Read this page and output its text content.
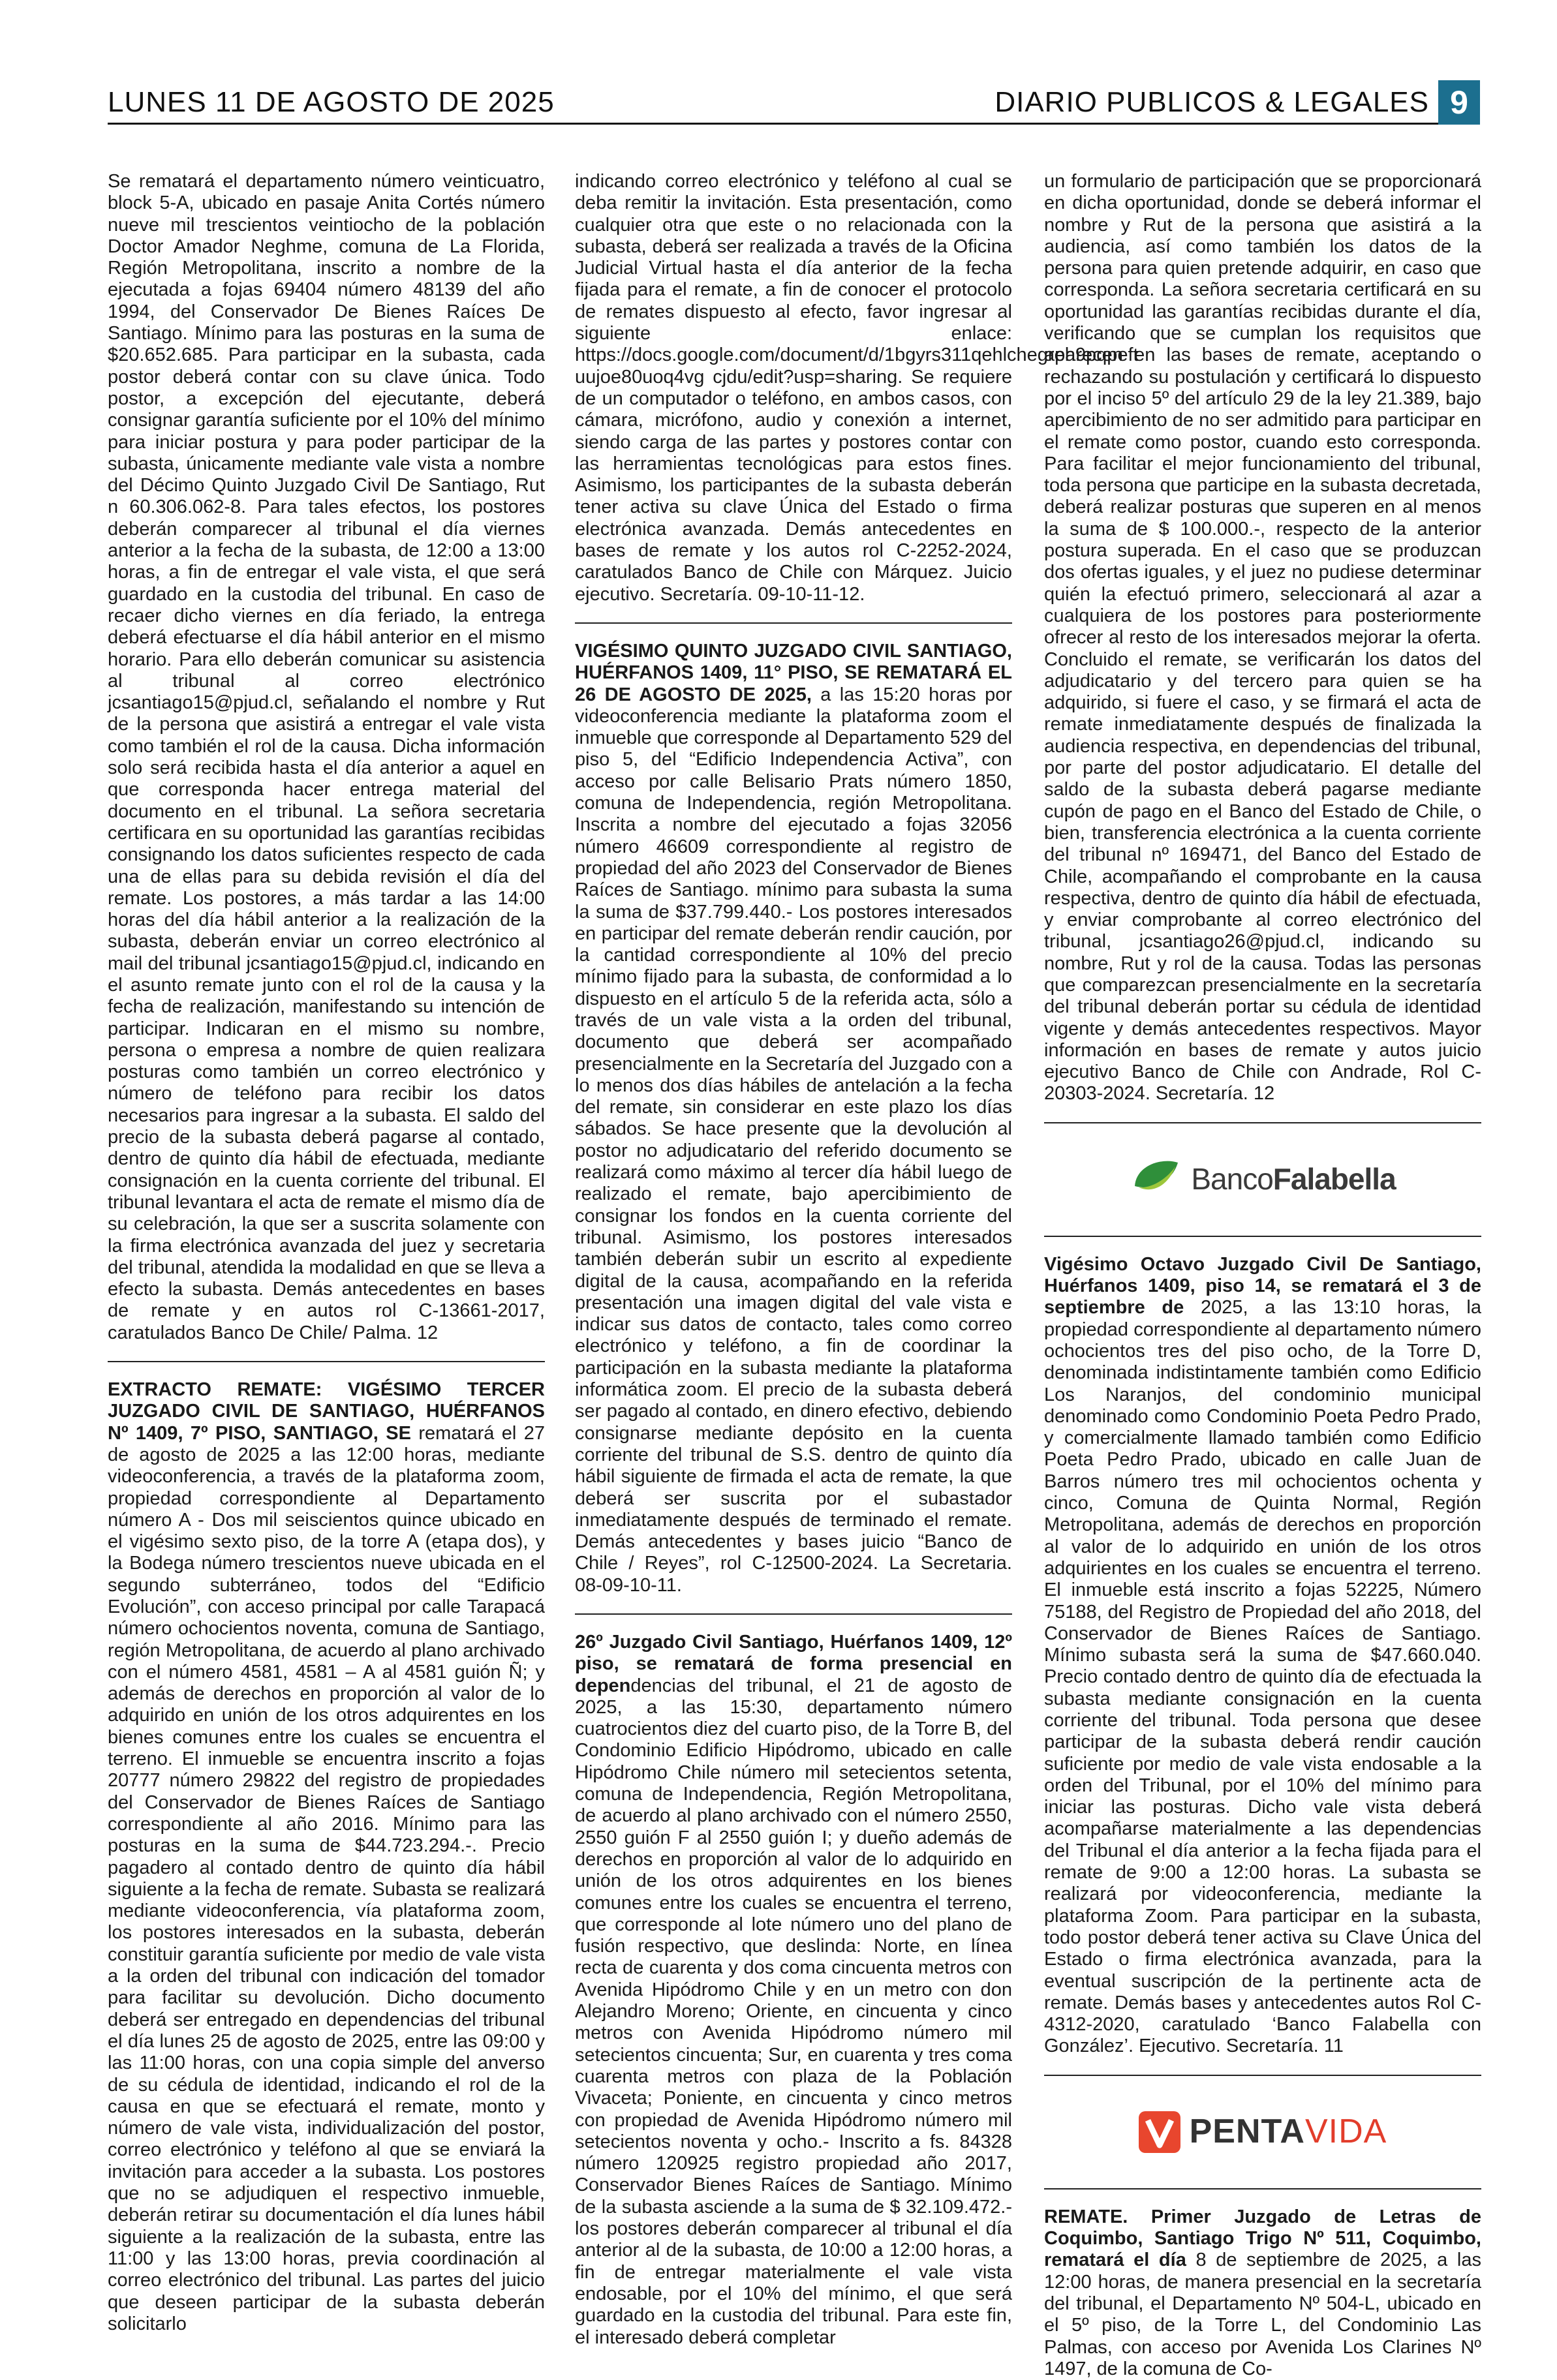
LUNES 11 DE AGOSTO DE 2025	DIARIO PUBLICOS & LEGALES 9

Se rematará el departamento número veinticuatro, block 5-A, ubicado en pasaje Anita Cortés número nueve mil trescientos veintiocho de la población Doctor Amador Neghme, comuna de La Florida, Región Metropolitana, inscrito a nombre de la ejecutada a fojas 69404 número 48139 del año 1994, del Conservador De Bienes Raíces De Santiago. Mínimo para las posturas en la suma de $20.652.685. Para participar en la subasta, cada postor deberá contar con su clave única. Todo postor, a excepción del ejecutante, deberá consignar garantía suficiente por el 10% del mínimo para iniciar postura y para poder participar de la subasta, únicamente mediante vale vista a nombre del Décimo Quinto Juzgado Civil De Santiago, Rut n 60.306.062-8. Para tales efectos, los postores deberán comparecer al tribunal el día viernes anterior a la fecha de la subasta, de 12:00 a 13:00 horas, a fin de entregar el vale vista, el que será guardado en la custodia del tribunal. En caso de recaer dicho viernes en día feriado, la entrega deberá efectuarse el día hábil anterior en el mismo horario. Para ello deberán comunicar su asistencia al tribunal al correo electrónico jcsantiago15@pjud.cl, señalando el nombre y Rut de la persona que asistirá a entregar el vale vista como también el rol de la causa. Dicha información solo será recibida hasta el día anterior a aquel en que corresponda hacer entrega material del documento en el tribunal. La señora secretaria certificara en su oportunidad las garantías recibidas consignando los datos suficientes respecto de cada una de ellas para su debida revisión el día del remate. Los postores, a más tardar a las 14:00 horas del día hábil anterior a la realización de la subasta, deberán enviar un correo electrónico al mail del tribunal jcsantiago15@pjud.cl, indicando en el asunto remate junto con el rol de la causa y la fecha de realización, manifestando su intención de participar. Indicaran en el mismo su nombre, persona o empresa a nombre de quien realizara posturas como también un correo electrónico y número de teléfono para recibir los datos necesarios para ingresar a la subasta. El saldo del precio de la subasta deberá pagarse al contado, dentro de quinto día hábil de efectuada, mediante consignación en la cuenta corriente del tribunal. El tribunal levantara el acta de remate el mismo día de su celebración, la que ser a suscrita solamente con la firma electrónica avanzada del juez y secretaria del tribunal, atendida la modalidad en que se lleva a efecto la subasta. Demás antecedentes en bases de remate y en autos rol C-13661-2017, caratulados Banco De Chile/ Palma. 12

EXTRACTO REMATE: VIGÉSIMO TERCER JUZGADO CIVIL DE SANTIAGO, HUÉRFANOS Nº 1409, 7º PISO, SANTIAGO, SE rematará el 27 de agosto de 2025 a las 12:00 horas, mediante videoconferencia, a través de la plataforma zoom, propiedad correspondiente al Departamento número A - Dos mil seiscientos quince ubicado en el vigésimo sexto piso, de la torre A (etapa dos), y la Bodega número trescientos nueve ubicada en el segundo subterráneo, todos del “Edificio Evolución”, con acceso principal por calle Tarapacá número ochocientos noventa, comuna de Santiago, región Metropolitana, de acuerdo al plano archivado con el número 4581, 4581 – A al 4581 guión Ñ; y además de derechos en proporción al valor de lo adquirido en unión de los otros adquirentes en los bienes comunes entre los cuales se encuentra el terreno. El inmueble se encuentra inscrito a fojas 20777 número 29822 del registro de propiedades del Conservador de Bienes Raíces de Santiago correspondiente al año 2016. Mínimo para las posturas en la suma de $44.723.294.-. Precio pagadero al contado dentro de quinto día hábil siguiente a la fecha de remate. Subasta se realizará mediante videoconferencia, vía plataforma zoom, los postores interesados en la subasta, deberán constituir garantía suficiente por medio de vale vista a la orden del tribunal con indicación del tomador para facilitar su devolución. Dicho documento deberá ser entregado en dependencias del tribunal el día lunes 25 de agosto de 2025, entre las 09:00 y las 11:00 horas, con una copia simple del anverso de su cédula de identidad, indicando el rol de la causa en que se efectuará el remate, monto y número de vale vista, individualización del postor, correo electrónico y teléfono al que se enviará la invitación para acceder a la subasta. Los postores que no se adjudiquen el respectivo inmueble, deberán retirar su documentación el día lunes hábil siguiente a la realización de la subasta, entre las 11:00 y las 13:00 horas, previa coordinación al correo electrónico del tribunal. Las partes del juicio que deseen participar de la subasta deberán solicitarlo

indicando correo electrónico y teléfono al cual se deba remitir la invitación. Esta presentación, como cualquier otra que este o no relacionada con la subasta, deberá ser realizada a través de la Oficina Judicial Virtual hasta el día anterior de la fecha fijada para el remate, a fin de conocer el protocolo de remates dispuesto al efecto, favor ingresar al siguiente enlace: https://docs.google.com/document/d/1bgyrs311qehlchegreh9pqpeft uujoe80uoq4vg cjdu/edit?usp=sharing. Se requiere de un computador o teléfono, en ambos casos, con cámara, micrófono, audio y conexión a internet, siendo carga de las partes y postores contar con las herramientas tecnológicas para estos fines. Asimismo, los participantes de la subasta deberán tener activa su clave Única del Estado o firma electrónica avanzada. Demás antecedentes en bases de remate y los autos rol C-2252-2024, caratulados Banco de Chile con Márquez. Juicio ejecutivo. Secretaría. 09-10-11-12.

VIGÉSIMO QUINTO JUZGADO CIVIL SANTIAGO, HUÉRFANOS 1409, 11° PISO, SE REMATARÁ EL 26 DE AGOSTO DE 2025, a las 15:20 horas por videoconferencia mediante la plataforma zoom el inmueble que corresponde al Departamento 529 del piso 5, del “Edificio Independencia Activa”, con acceso por calle Belisario Prats número 1850, comuna de Independencia, región Metropolitana. Inscrita a nombre del ejecutado a fojas 32056 número 46609 correspondiente al registro de propiedad del año 2023 del Conservador de Bienes Raíces de Santiago. mínimo para subasta la suma la suma de $37.799.440.- Los postores interesados en participar del remate deberán rendir caución, por la cantidad correspondiente al 10% del precio mínimo fijado para la subasta, de conformidad a lo dispuesto en el artículo 5 de la referida acta, sólo a través de un vale vista a la orden del tribunal, documento que deberá ser acompañado presencialmente en la Secretaría del Juzgado con a lo menos dos días hábiles de antelación a la fecha del remate, sin considerar en este plazo los días sábados. Se hace presente que la devolución al postor no adjudicatario del referido documento se realizará como máximo al tercer día hábil luego de realizado el remate, bajo apercibimiento de consignar los fondos en la cuenta corriente del tribunal. Asimismo, los postores interesados también deberán subir un escrito al expediente digital de la causa, acompañando en la referida presentación una imagen digital del vale vista e indicar sus datos de contacto, tales como correo electrónico y teléfono, a fin de coordinar la participación en la subasta mediante la plataforma informática zoom. El precio de la subasta deberá ser pagado al contado, en dinero efectivo, debiendo consignarse mediante depósito en la cuenta corriente del tribunal de S.S. dentro de quinto día hábil siguiente de firmada el acta de remate, la que deberá ser suscrita por el subastador inmediatamente después de terminado el remate. Demás antecedentes y bases juicio “Banco de Chile / Reyes”, rol C-12500-2024. La Secretaria. 08-09-10-11.

26º Juzgado Civil Santiago, Huérfanos 1409, 12º piso, se rematará de forma presencial en dependencias del tribunal, el 21 de agosto de 2025, a las 15:30, departamento número cuatrocientos diez del cuarto piso, de la Torre B, del Condominio Edificio Hipódromo, ubicado en calle Hipódromo Chile número mil setecientos setenta, comuna de Independencia, Región Metropolitana, de acuerdo al plano archivado con el número 2550, 2550 guión F al 2550 guión I; y dueño además de derechos en proporción al valor de lo adquirido en unión de los otros adquirentes en los bienes comunes entre los cuales se encuentra el terreno, que corresponde al lote número uno del plano de fusión respectivo, que deslinda: Norte, en línea recta de cuarenta y dos coma cincuenta metros con Avenida Hipódromo Chile y en un metro con don Alejandro Moreno; Oriente, en cincuenta y cinco metros con Avenida Hipódromo número mil setecientos cincuenta; Sur, en cuarenta y tres coma cuarenta metros con plaza de la Población Vivaceta; Poniente, en cincuenta y cinco metros con propiedad de Avenida Hipódromo número mil setecientos noventa y ocho.- Inscrito a fs. 84328 número 120925 registro propiedad año 2017, Conservador Bienes Raíces de Santiago. Mínimo de la subasta asciende a la suma de $ 32.109.472.- los postores deberán comparecer al tribunal el día anterior al de la subasta, de 10:00 a 12:00 horas, a fin de entregar materialmente el vale vista endosable, por el 10% del mínimo, el que será guardado en la custodia del tribunal. Para este fin, el interesado deberá completar

un formulario de participación que se proporcionará en dicha oportunidad, donde se deberá informar el nombre y Rut de la persona que asistirá a la audiencia, así como también los datos de la persona para quien pretende adquirir, en caso que corresponda. La señora secretaria certificará en su oportunidad las garantías recibidas durante el día, verificando que se cumplan los requisitos que aparecen en las bases de remate, aceptando o rechazando su postulación y certificará lo dispuesto por el inciso 5º del artículo 29 de la ley 21.389, bajo apercibimiento de no ser admitido para participar en el remate como postor, cuando esto corresponda. Para facilitar el mejor funcionamiento del tribunal, toda persona que participe en la subasta decretada, deberá realizar posturas que superen en al menos la suma de $ 100.000.-, respecto de la anterior postura superada. En el caso que se produzcan dos ofertas iguales, y el juez no pudiese determinar quién la efectuó primero, seleccionará al azar a cualquiera de los postores para posteriormente ofrecer al resto de los interesados mejorar la oferta. Concluido el remate, se verificarán los datos del adjudicatario y del tercero para quien se ha adquirido, si fuere el caso, y se firmará el acta de remate inmediatamente después de finalizada la audiencia respectiva, en dependencias del tribunal, por parte del postor adjudicatario. El detalle del saldo de la subasta deberá pagarse mediante cupón de pago en el Banco del Estado de Chile, o bien, transferencia electrónica a la cuenta corriente del tribunal nº 169471, del Banco del Estado de Chile, acompañando el comprobante en la causa respectiva, dentro de quinto día hábil de efectuada, y enviar comprobante al correo electrónico del tribunal, jcsantiago26@pjud.cl, indicando su nombre, Rut y rol de la causa. Todas las personas que comparezcan presencialmente en la secretaría del tribunal deberán portar su cédula de identidad vigente y demás antecedentes respectivos. Mayor información en bases de remate y autos juicio ejecutivo Banco de Chile con Andrade, Rol C-20303-2024. Secretaría. 12

BancoFalabella

Vigésimo Octavo Juzgado Civil De Santiago, Huérfanos 1409, piso 14, se rematará el 3 de septiembre de 2025, a las 13:10 horas, la propiedad correspondiente al departamento número ochocientos tres del piso ocho, de la Torre D, denominada indistintamente también como Edificio Los Naranjos, del condominio municipal denominado como Condominio Poeta Pedro Prado, y comercialmente llamado también como Edificio Poeta Pedro Prado, ubicado en calle Juan de Barros número tres mil ochocientos ochenta y cinco, Comuna de Quinta Normal, Región Metropolitana, además de derechos en proporción al valor de lo adquirido en unión de los otros adquirientes en los cuales se encuentra el terreno. El inmueble está inscrito a fojas 52225, Número 75188, del Registro de Propiedad del año 2018, del Conservador de Bienes Raíces de Santiago. Mínimo subasta será la suma de $47.660.040. Precio contado dentro de quinto día de efectuada la subasta mediante consignación en la cuenta corriente del tribunal. Toda persona que desee participar de la subasta deberá rendir caución suficiente por medio de vale vista endosable a la orden del Tribunal, por el 10% del mínimo para iniciar las posturas. Dicho vale vista deberá acompañarse materialmente a las dependencias del Tribunal el día anterior a la fecha fijada para el remate de 9:00 a 12:00 horas. La subasta se realizará por videoconferencia, mediante la plataforma Zoom. Para participar en la subasta, todo postor deberá tener activa su Clave Única del Estado o firma electrónica avanzada, para la eventual suscripción de la pertinente acta de remate. Demás bases y antecedentes autos Rol C-4312-2020, caratulado ‘Banco Falabella con González’. Ejecutivo. Secretaría. 11

PENTAVIDA

REMATE. Primer Juzgado de Letras de Coquimbo, Santiago Trigo Nº 511, Coquimbo, rematará el día 8 de septiembre de 2025, a las 12:00 horas, de manera presencial en la secretaría del tribunal, el Departamento Nº 504-L, ubicado en el 5º piso, de la Torre L, del Condominio Las Palmas, con acceso por Avenida Los Clarines Nº 1497, de la comuna de Co-
